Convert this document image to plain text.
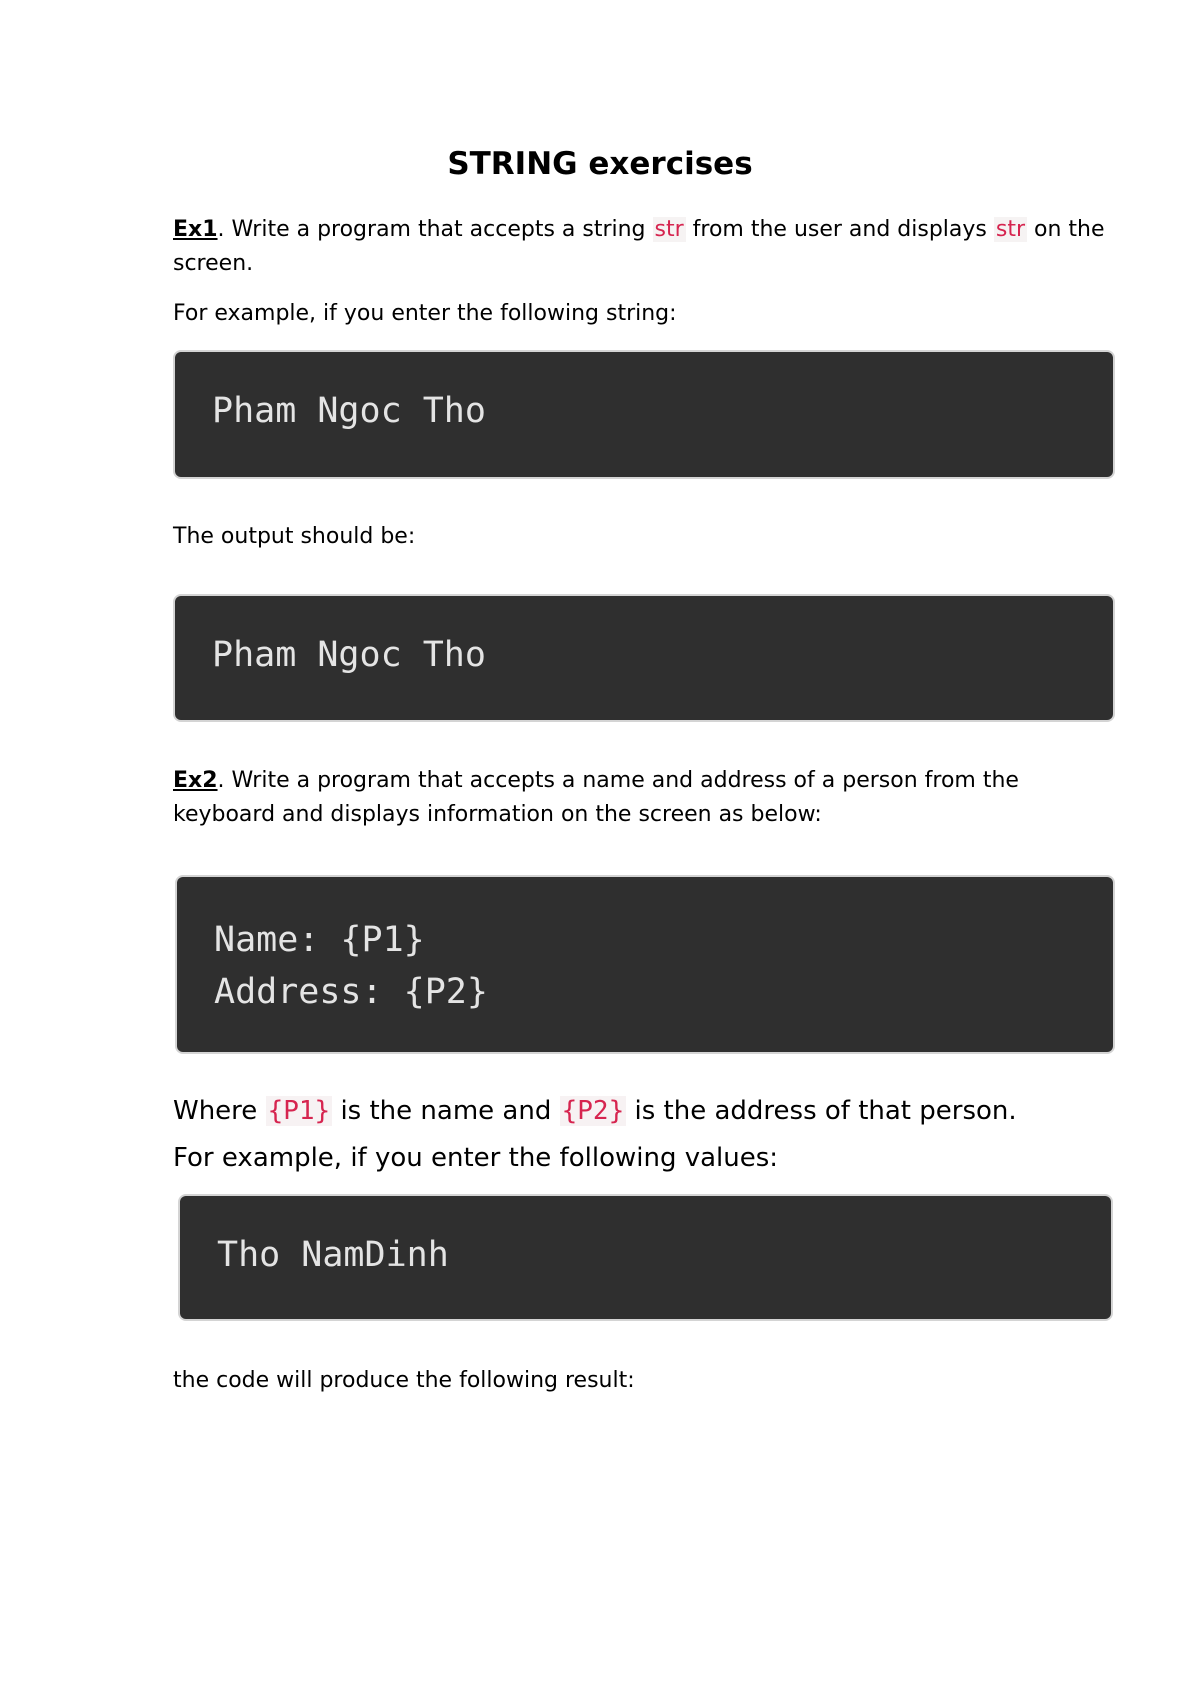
STRING exercises

Ex1. Write a program that accepts a string str from the user and displays str on the screen.

For example, if you enter the following string:

Pham Ngoc Tho

The output should be:

Pham Ngoc Tho

Ex2. Write a program that accepts a name and address of a person from the keyboard and displays information on the screen as below:

Name: {P1}
Address: {P2}

Where {P1} is the name and {P2} is the address of that person.

For example, if you enter the following values:

Tho NamDinh

the code will produce the following result:
